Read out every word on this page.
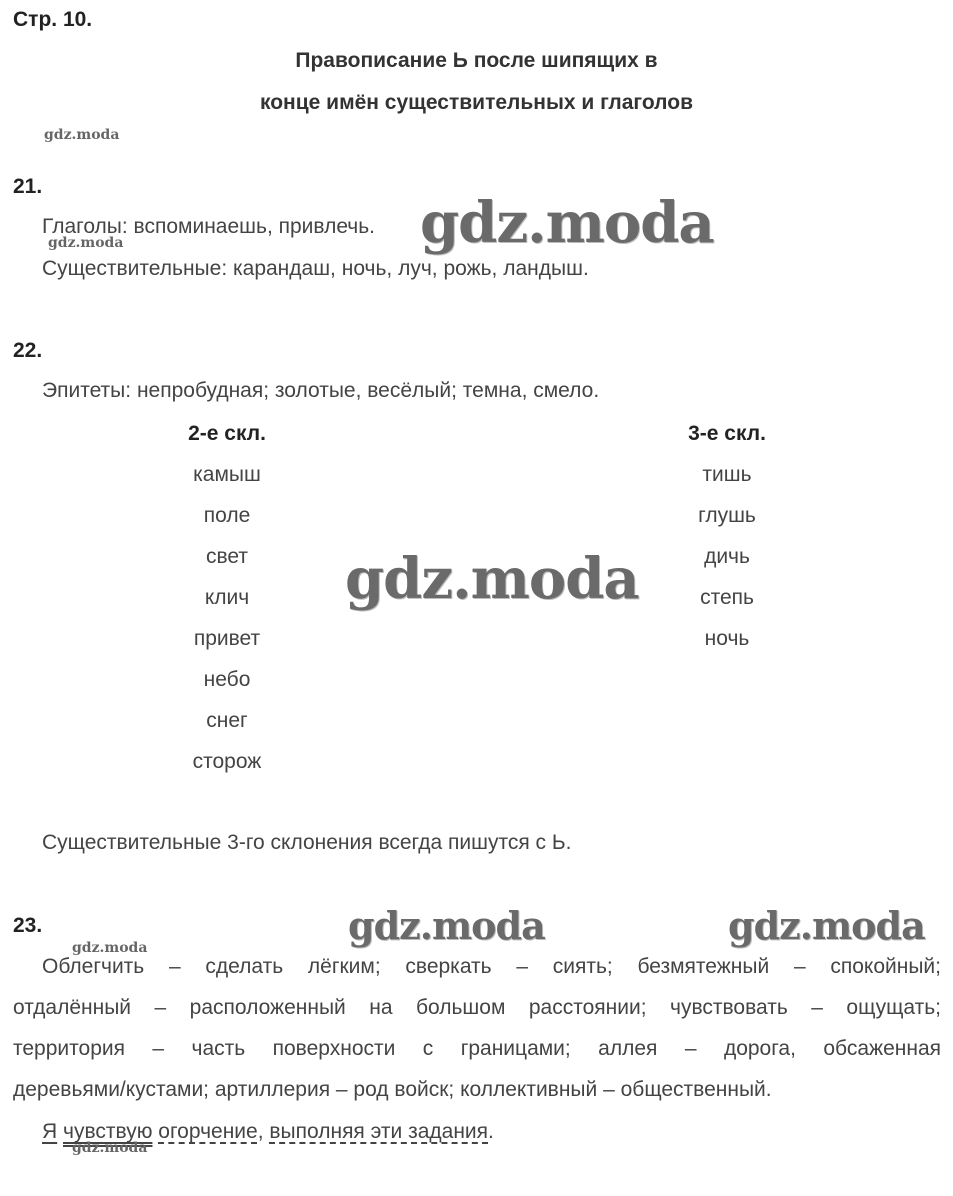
Стр. 10.
Правописание Ь после шипящих в
конце имён существительных и глаголов
gdz.moda
21.
Глаголы: вспоминаешь, привлечь.
gdz.moda
Существительные: карандаш, ночь, луч, рожь, ландыш.
gdz.moda
22.
Эпитеты: непробудная; золотые, весёлый; темна, смело.
2-е скл.
камыш
поле
свет
клич
привет
небо
снег
сторож
3-е скл.
тишь
глушь
дичь
степь
ночь
gdz.moda
Существительные 3-го склонения всегда пишутся с Ь.
23.	gdz.moda	gdz.moda
gdz.moda
Облегчить – сделать лёгким; сверкать – сиять; безмятежный – спокойный;
отдалённый – расположенный на большом расстоянии; чувствовать – ощущать;
территория – часть поверхности с границами; аллея – дорога, обсаженная
деревьями/кустами; артиллерия – род войск; коллективный – общественный.
Я чувствую огорчение, выполняя эти задания.
gdz.moda
